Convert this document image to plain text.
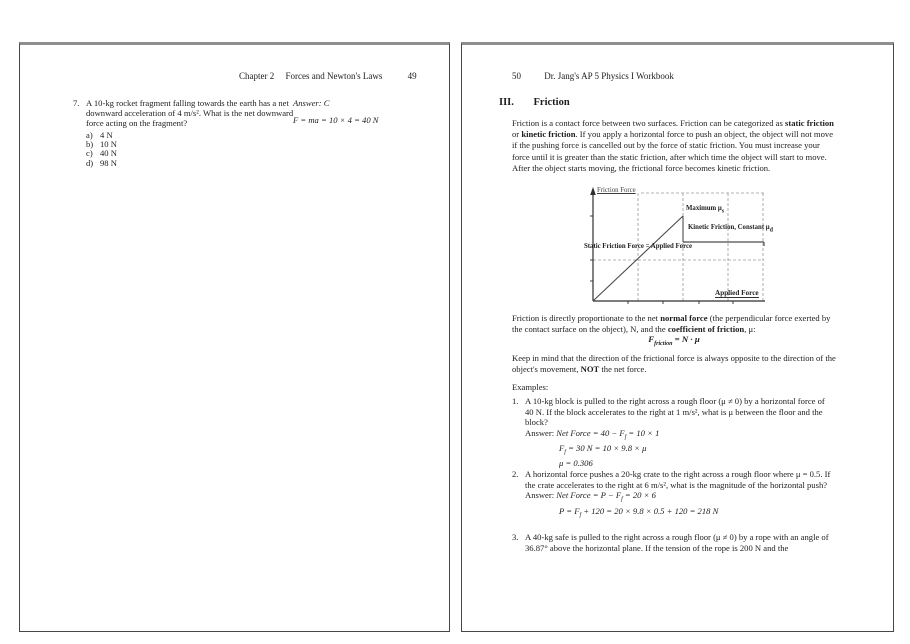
Chapter 2 Forces and Newton's Laws	49
7. A 10-kg rocket fragment falling towards the earth has a net downward acceleration of 4 m/s². What is the net downward force acting on the fragment?
a) 4 N
b) 10 N
c) 40 N
d) 98 N
Answer: C
F = ma = 10 × 4 = 40 N
50	Dr. Jang's AP 5 Physics I Workbook
III. Friction
Friction is a contact force between two surfaces. Friction can be categorized as static friction or kinetic friction. If you apply a horizontal force to push an object, the object will not move if the pushing force is cancelled out by the force of static friction. You must increase your force until it is greater than the static friction, after which time the object will start to move. After the object starts moving, the frictional force becomes kinetic friction.
Friction Force
Maximum $\mu_s$
Kinetic Friction, Constant $\mu_d$
Static Friction Force = Applied Force
Applied Force
Friction is directly proportionate to the net normal force (the perpendicular force exerted by the contact surface on the object), N, and the coefficient of friction, μ:
$F_{friction} = N \cdot \mu$
Keep in mind that the direction of the frictional force is always opposite to the direction of the object's movement, NOT the net force.
Examples:
1. A 10-kg block is pulled to the right across a rough floor (μ ≠ 0) by a horizontal force of 40 N. If the block accelerates to the right at 1 m/s², what is μ between the floor and the block?
Answer: Net Force = $40 - F_f = 10 \times 1$
$F_f = 30$ N = 10 × 9.8 × μ
μ = 0.306
2. A horizontal force pushes a 20-kg crate to the right across a rough floor where μ = 0.5. If the crate accelerates to the right at 6 m/s², what is the magnitude of the horizontal push?
Answer: Net Force = $P - F_f = 20 \times 6$
$P = F_f + 120 = 20 \times 9.8 \times 0.5 + 120 = 218$ N
3. A 40-kg safe is pulled to the right across a rough floor (μ ≠ 0) by a rope with an angle of 36.87° above the horizontal plane. If the tension of the rope is 200 N and the
